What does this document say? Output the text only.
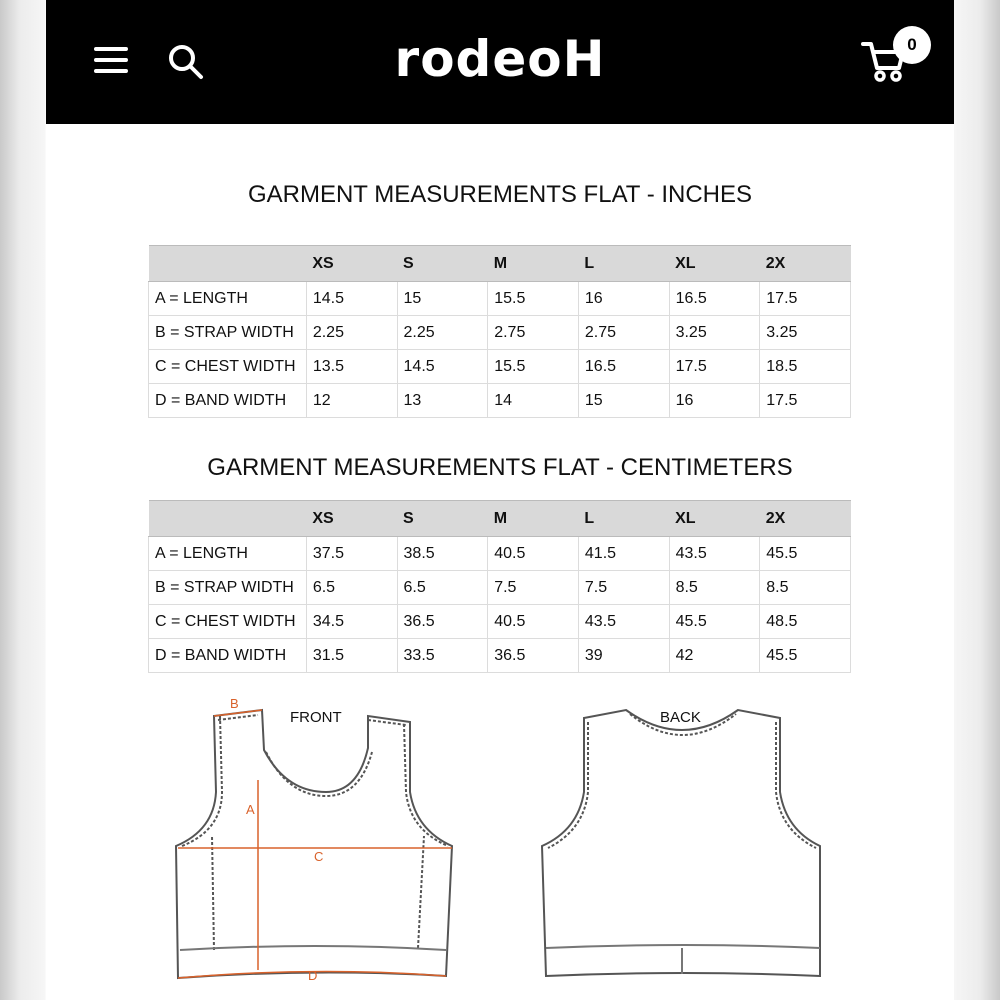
rodeoH	0
GARMENT MEASUREMENTS FLAT - INCHES
	XS	S	M	L	XL	2X
A = LENGTH	14.5	15	15.5	16	16.5	17.5
B = STRAP WIDTH	2.25	2.25	2.75	2.75	3.25	3.25
C = CHEST WIDTH	13.5	14.5	15.5	16.5	17.5	18.5
D = BAND WIDTH	12	13	14	15	16	17.5
GARMENT MEASUREMENTS FLAT - CENTIMETERS
	XS	S	M	L	XL	2X
A = LENGTH	37.5	38.5	40.5	41.5	43.5	45.5
B = STRAP WIDTH	6.5	6.5	7.5	7.5	8.5	8.5
C = CHEST WIDTH	34.5	36.5	40.5	43.5	45.5	48.5
D = BAND WIDTH	31.5	33.5	36.5	39	42	45.5
B
A
C
D
FRONT	BACK
